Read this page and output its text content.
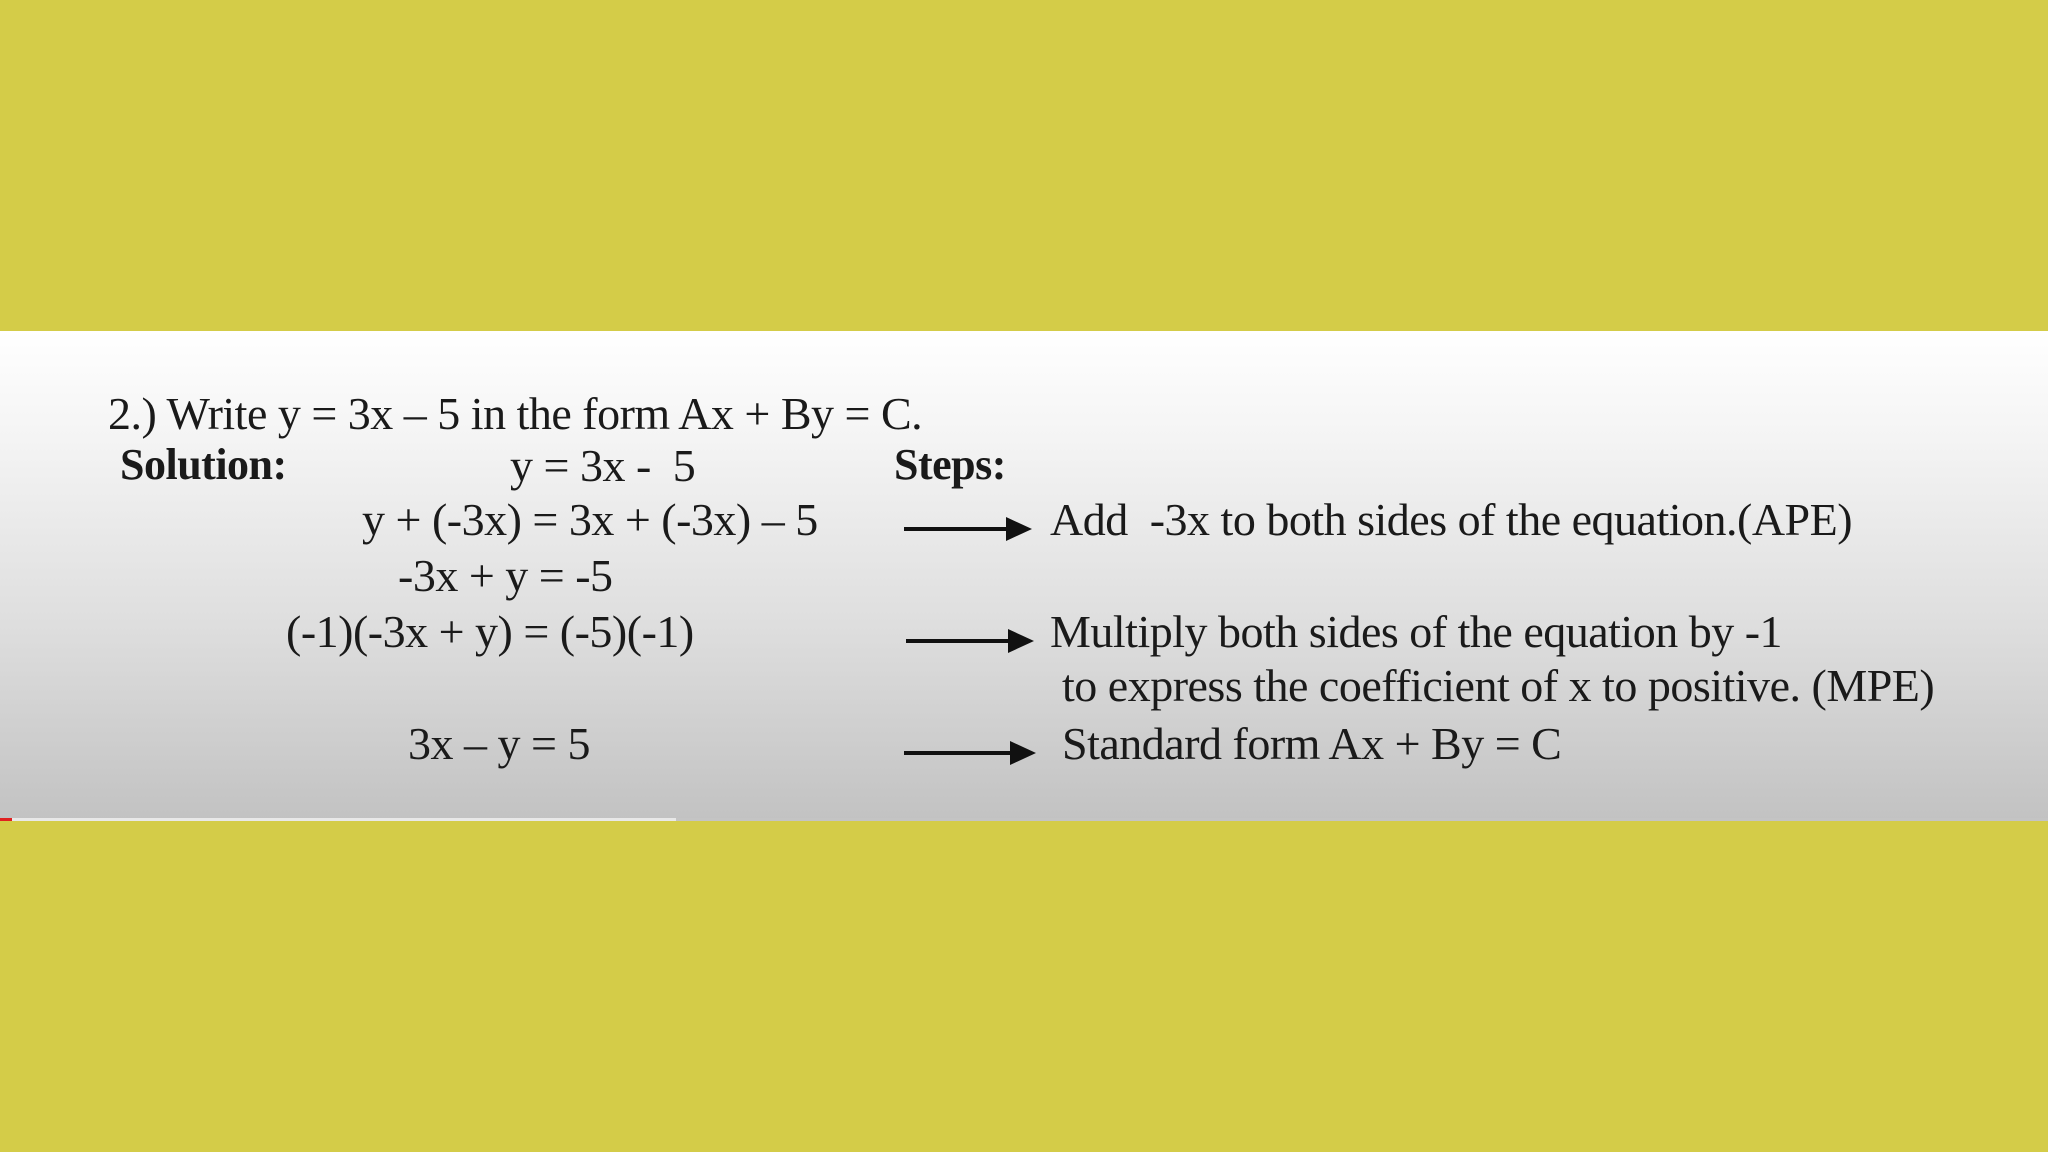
2.) Write y = 3x – 5 in the form Ax + By = C.
Solution:	y = 3x -  5	Steps:
y + (-3x) = 3x + (-3x) – 5	Add  -3x to both sides of the equation.(APE)
-3x + y = -5
(-1)(-3x + y) = (-5)(-1)	Multiply both sides of the equation by -1
to express the coefficient of x to positive. (MPE)
3x – y = 5	Standard form Ax + By = C
